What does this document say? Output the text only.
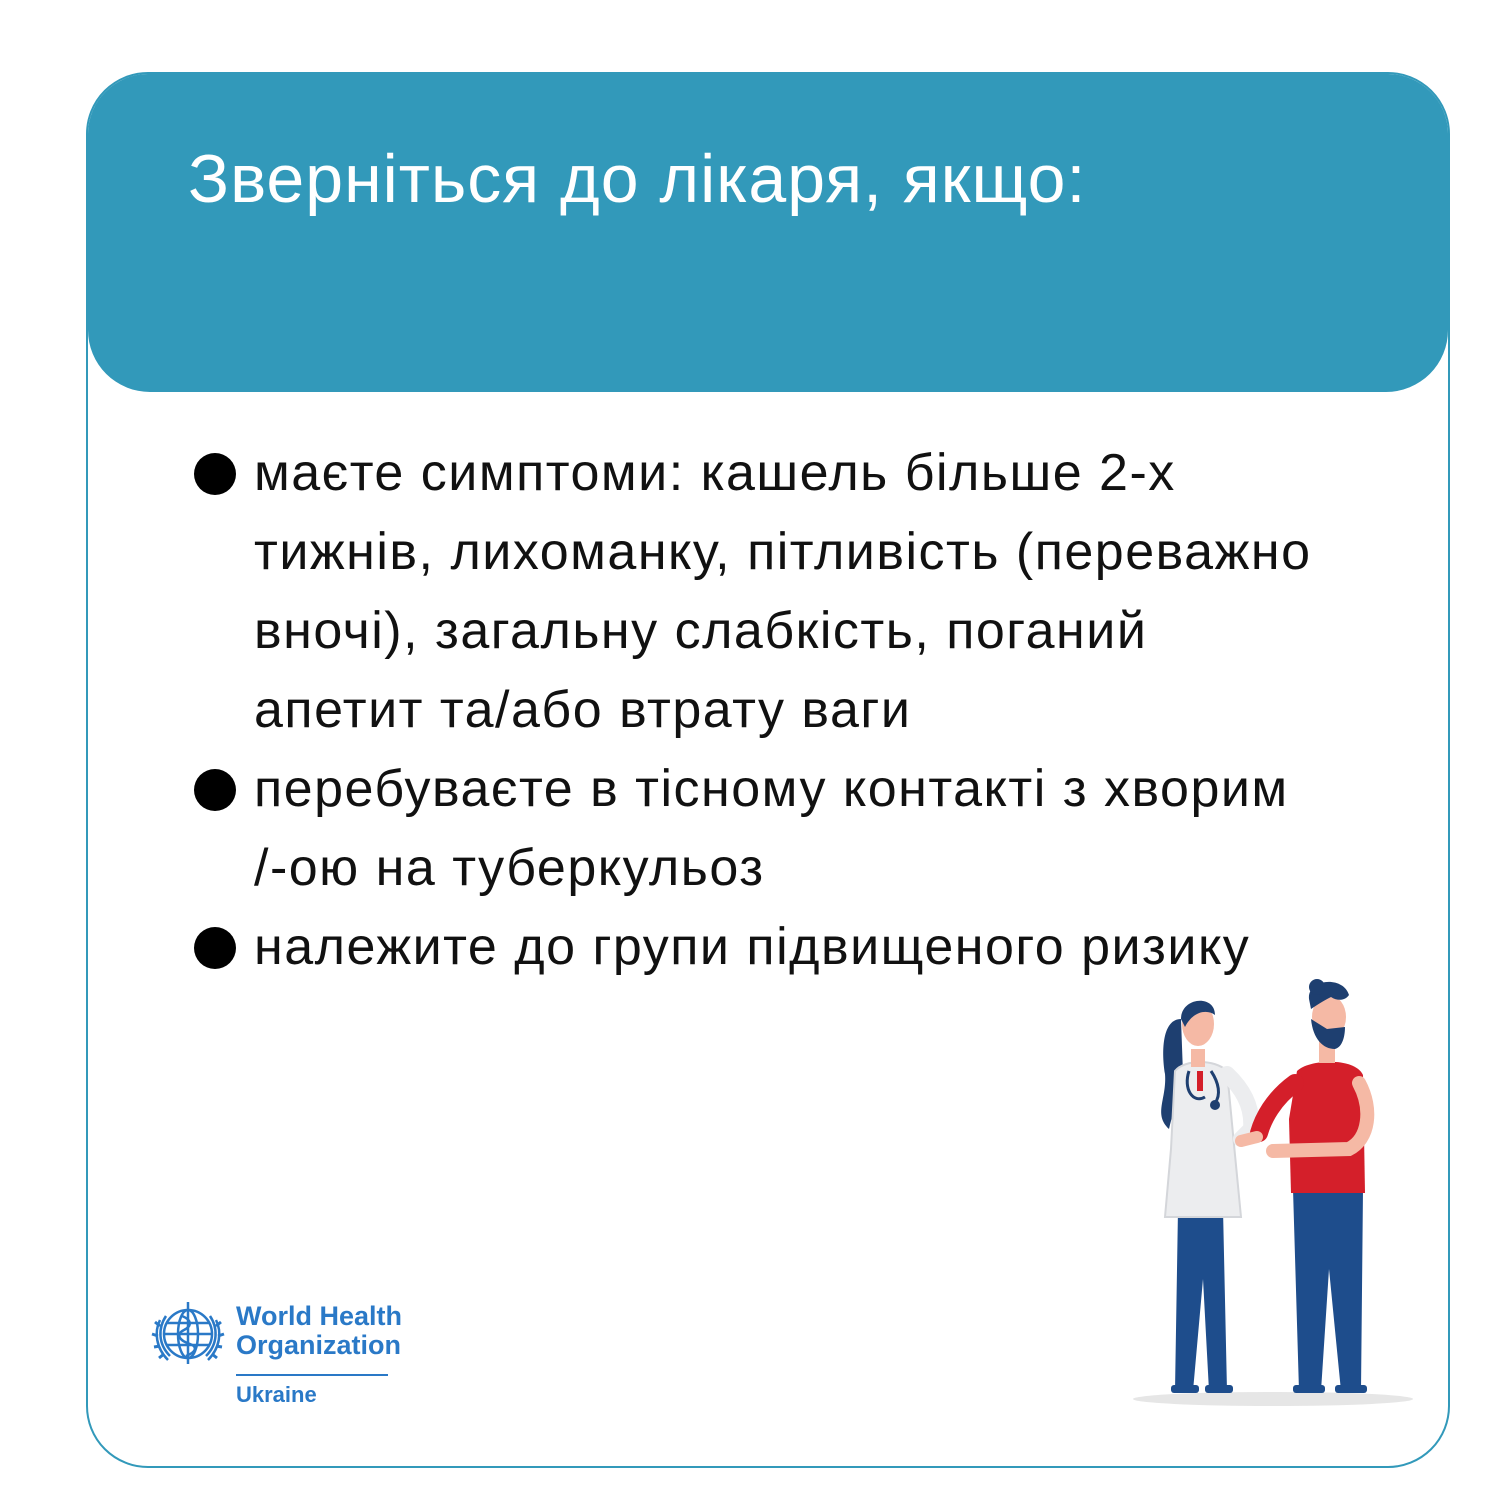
Зверніться до лікаря, якщо:
маєте симптоми: кашель більше 2-х тижнів, лихоманку, пітливість (переважно вночі), загальну слабкість, поганий апетит та/або втрату ваги
перебуваєте в тісному контакті з хворим /-ою на туберкульоз
належите до групи підвищеного ризику
World Health
Organization
Ukraine
